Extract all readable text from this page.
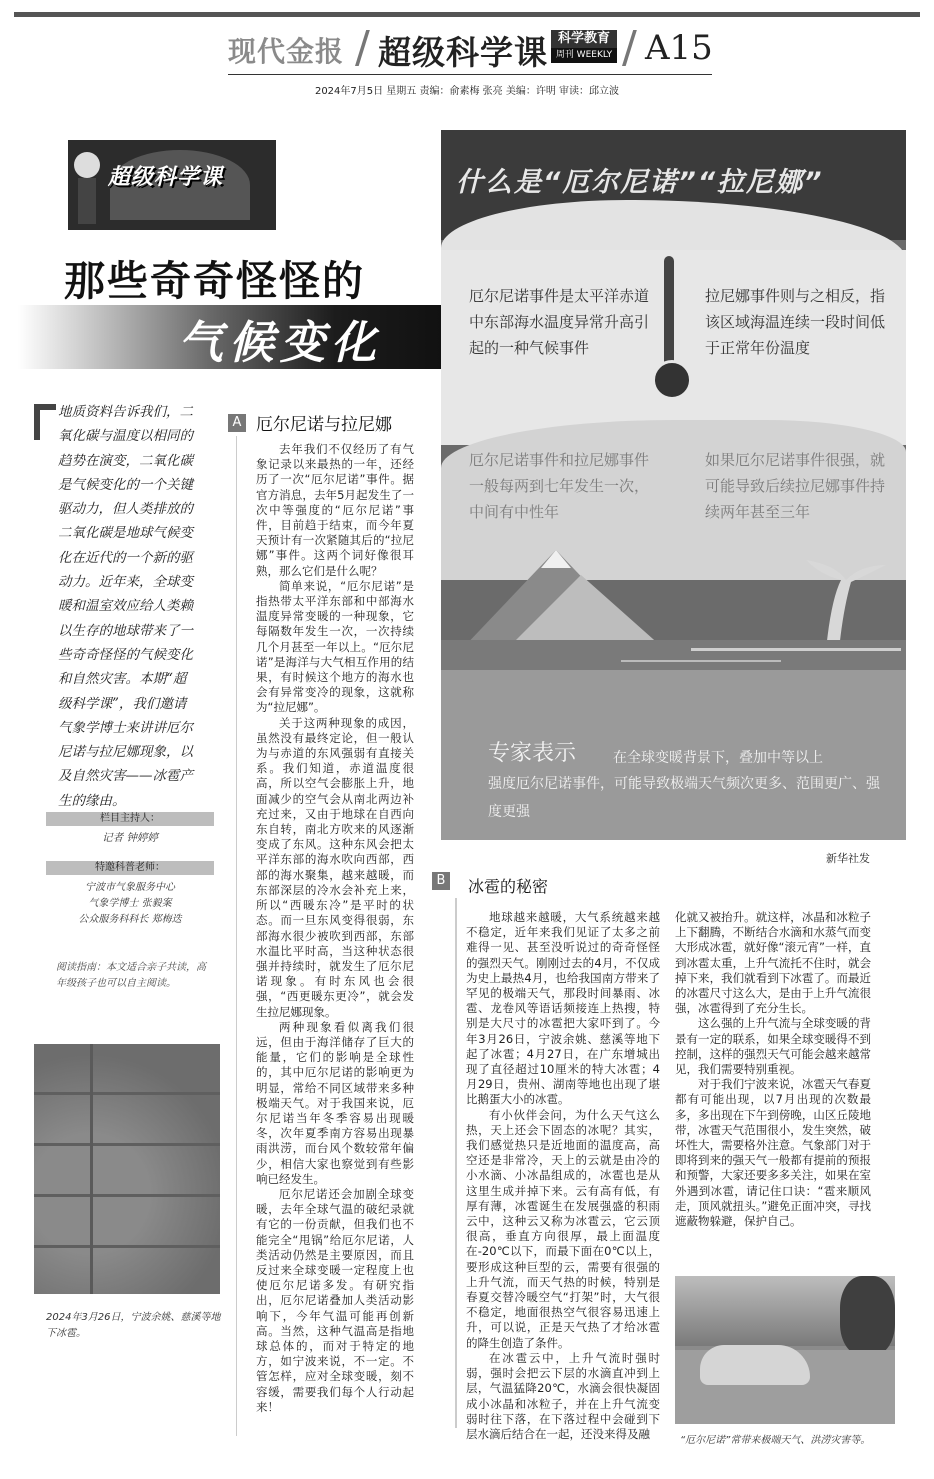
现代金报 / 超级科学课 科学教育
周刊 WEEKLY / A15
2024年7月5日 星期五 责编：俞素梅 张亮 美编：许明 审读：邱立波
超级科学课
那些奇奇怪怪的
气候变化
什么是“厄尔尼诺”“拉尼娜”
厄尔尼诺事件是太平洋赤道中东部海水温度异常升高引起的一种气候事件
拉尼娜事件则与之相反，指该区域海温连续一段时间低于正常年份温度
厄尔尼诺事件和拉尼娜事件一般每两到七年发生一次，中间有中性年
如果厄尔尼诺事件很强，就可能导致后续拉尼娜事件持续两年甚至三年
专家表示	在全球变暖背景下，叠加中等以上
强度厄尔尼诺事件，可能导致极端天气频次更多、范围更广、强度更强
新华社发
地质资料告诉我们，二氧化碳与温度以相同的趋势在演变，二氧化碳是气候变化的一个关键驱动力，但人类排放的二氧化碳是地球气候变化在近代的一个新的驱动力。近年来，全球变暖和温室效应给人类赖以生存的地球带来了一些奇奇怪怪的气候变化和自然灾害。本期“超级科学课”，我们邀请气象学博士来讲讲厄尔尼诺与拉尼娜现象，以及自然灾害——冰雹产生的缘由。
栏目主持人：
记者 钟婷婷
特邀科普老师：
宁波市气象服务中心
气象学博士 张毅案
公众服务科科长 郑梅迭
阅读指南：本文适合亲子共读，高年级孩子也可以自主阅读。
2024年3月26日，宁波余姚、慈溪等地下冰雹。
A 厄尔尼诺与拉尼娜

去年我们不仅经历了有气象记录以来最热的一年，还经历了一次“厄尔尼诺”事件。据官方消息，去年5月起发生了一次中等强度的“厄尔尼诺”事件，目前趋于结束，而今年夏天预计有一次紧随其后的“拉尼娜”事件。这两个词好像很耳熟，那么它们是什么呢？

简单来说，“厄尔尼诺”是指热带太平洋东部和中部海水温度异常变暖的一种现象，它每隔数年发生一次，一次持续几个月甚至一年以上。“厄尔尼诺”是海洋与大气相互作用的结果，有时候这个地方的海水也会有异常变冷的现象，这就称为“拉尼娜”。

关于这两种现象的成因，虽然没有最终定论，但一般认为与赤道的东风强弱有直接关系。我们知道，赤道温度很高，所以空气会膨胀上升，地面减少的空气会从南北两边补充过来，又由于地球在自西向东自转，南北方吹来的风逐渐变成了东风。这种东风会把太平洋东部的海水吹向西部，西部的海水聚集，越来越暖，而东部深层的冷水会补充上来，所以“西暖东冷”是平时的状态。而一旦东风变得很弱，东部海水很少被吹到西部，东部水温比平时高，当这种状态很强并持续时，就发生了厄尔尼诺现象。有时东风也会很强，“西更暖东更冷”，就会发生拉尼娜现象。

两种现象看似离我们很远，但由于海洋储存了巨大的能量，它们的影响是全球性的，其中厄尔尼诺的影响更为明显，常给不同区域带来多种极端天气。对于我国来说，厄尔尼诺当年冬季容易出现暖冬，次年夏季南方容易出现暴雨洪涝，而台风个数较常年偏少，相信大家也察觉到有些影响已经发生。

厄尔尼诺还会加剧全球变暖，去年全球气温的破纪录就有它的一份贡献，但我们也不能完全“甩锅”给厄尔尼诺，人类活动仍然是主要原因，而且反过来全球变暖一定程度上也使厄尔尼诺多发。有研究指出，厄尔尼诺叠加人类活动影响下，今年气温可能再创新高。当然，这种气温高是指地球总体的，而对于特定的地方，如宁波来说，不一定。不管怎样，应对全球变暖，刻不容缓，需要我们每个人行动起来！

B 冰雹的秘密

地球越来越暖，大气系统越来越不稳定，近年来我们见证了太多之前难得一见、甚至没听说过的奇奇怪怪的强烈天气。刚刚过去的4月，不仅成为史上最热4月，也给我国南方带来了罕见的极端天气，那段时间暴雨、冰雹、龙卷风等语话频接连上热搜，特别是大尺寸的冰雹把大家吓到了。今年3月26日，宁波余姚、慈溪等地下起了冰雹；4月27日，在广东增城出现了直径超过10厘米的特大冰雹；4月29日，贵州、湖南等地也出现了堪比鹅蛋大小的冰雹。

有小伙伴会问，为什么天气这么热，天上还会下固态的冰呢？其实，我们感觉热只是近地面的温度高，高空还是非常冷，天上的云就是由冷的小水滴、小冰晶组成的，冰雹也是从这里生成并掉下来。云有高有低，有厚有薄，冰雹诞生在发展强盛的积雨云中，这种云又称为冰雹云，它云顶很高，垂直方向很厚，最上面温度在-20℃以下，而最下面在0℃以上，要形成这种巨型的云，需要有很强的上升气流，而天气热的时候，特别是春夏交替冷暖空气“打架”时，大气很不稳定，地面很热空气很容易迅速上升，可以说，正是天气热了才给冰雹的降生创造了条件。

在冰雹云中，上升气流时强时弱，强时会把云下层的水滴直冲到上层，气温猛降20℃，水滴会很快凝固成小冰晶和冰粒子，并在上升气流变弱时往下落，在下落过程中会碰到下层水滴后结合在一起，还没来得及融

化就又被抬升。就这样，冰晶和冰粒子上下翻腾，不断结合水滴和水蒸气而变大形成冰雹，就好像“滚元宵”一样，直到冰雹太重，上升气流托不住时，就会掉下来，我们就看到下冰雹了。而最近的冰雹尺寸这么大，是由于上升气流很强，冰雹得到了充分生长。

这么强的上升气流与全球变暖的背景有一定的联系，如果全球变暖得不到控制，这样的强烈天气可能会越来越常见，我们需要特别重视。

对于我们宁波来说，冰雹天气春夏都有可能出现，以7月出现的次数最多，多出现在下午到傍晚，山区丘陵地带，冰雹天气范围很小，发生突然，破坏性大，需要格外注意。气象部门对于即将到来的强天气一般都有提前的预报和预警，大家还要多多关注，如果在室外遇到冰雹，请记住口诀：“雹来顺风走，顶风就扭头。”避免正面冲突，寻找遮蔽物躲避，保护自己。

“厄尔尼诺”常带来极端天气、洪涝灾害等。
